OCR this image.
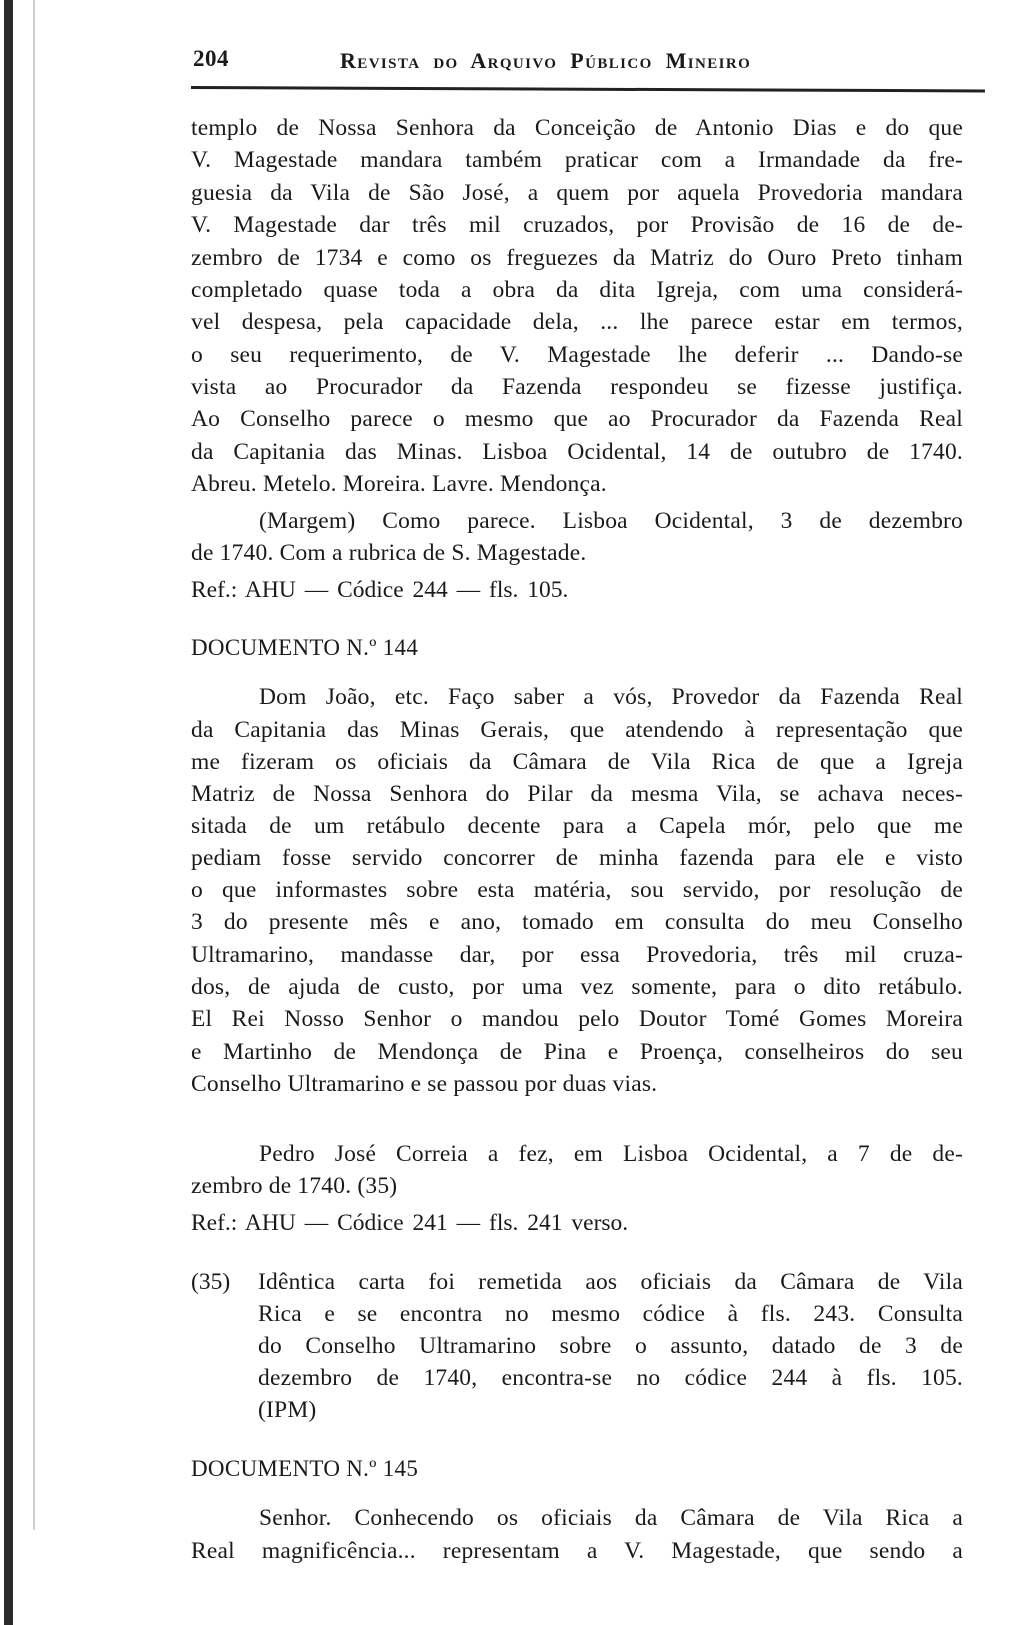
204	Revista do Arquivo Público Mineiro
templo de Nossa Senhora da Conceição de Antonio Dias e do que
V. Magestade mandara também praticar com a Irmandade da fre-
guesia da Vila de São José, a quem por aquela Provedoria mandara
V. Magestade dar três mil cruzados, por Provisão de 16 de de-
zembro de 1734 e como os freguezes da Matriz do Ouro Preto tinham
completado quase toda a obra da dita Igreja, com uma considerá-
vel despesa, pela capacidade dela, ... lhe parece estar em termos,
o seu requerimento, de V. Magestade lhe deferir ... Dando-se
vista ao Procurador da Fazenda respondeu se fizesse justifiça.
Ao Conselho parece o mesmo que ao Procurador da Fazenda Real
da Capitania das Minas. Lisboa Ocidental, 14 de outubro de 1740.
Abreu. Metelo. Moreira. Lavre. Mendonça.
(Margem) Como parece. Lisboa Ocidental, 3 de dezembro
de 1740. Com a rubrica de S. Magestade.
Ref.: AHU — Códice 244 — fls. 105.
DOCUMENTO N.º 144
Dom João, etc. Faço saber a vós, Provedor da Fazenda Real
da Capitania das Minas Gerais, que atendendo à representação que
me fizeram os oficiais da Câmara de Vila Rica de que a Igreja
Matriz de Nossa Senhora do Pilar da mesma Vila, se achava neces-
sitada de um retábulo decente para a Capela mór, pelo que me
pediam fosse servido concorrer de minha fazenda para ele e visto
o que informastes sobre esta matéria, sou servido, por resolução de
3 do presente mês e ano, tomado em consulta do meu Conselho
Ultramarino, mandasse dar, por essa Provedoria, três mil cruza-
dos, de ajuda de custo, por uma vez somente, para o dito retábulo.
El Rei Nosso Senhor o mandou pelo Doutor Tomé Gomes Moreira
e Martinho de Mendonça de Pina e Proença, conselheiros do seu
Conselho Ultramarino e se passou por duas vias.
Pedro José Correia a fez, em Lisboa Ocidental, a 7 de de-
zembro de 1740. (35)
Ref.: AHU — Códice 241 — fls. 241 verso.
(35) Idêntica carta foi remetida aos oficiais da Câmara de Vila
Rica e se encontra no mesmo códice à fls. 243. Consulta
do Conselho Ultramarino sobre o assunto, datado de 3 de
dezembro de 1740, encontra-se no códice 244 à fls. 105.
(IPM)
DOCUMENTO N.º 145
Senhor. Conhecendo os oficiais da Câmara de Vila Rica a
Real magnificência... representam a V. Magestade, que sendo a
